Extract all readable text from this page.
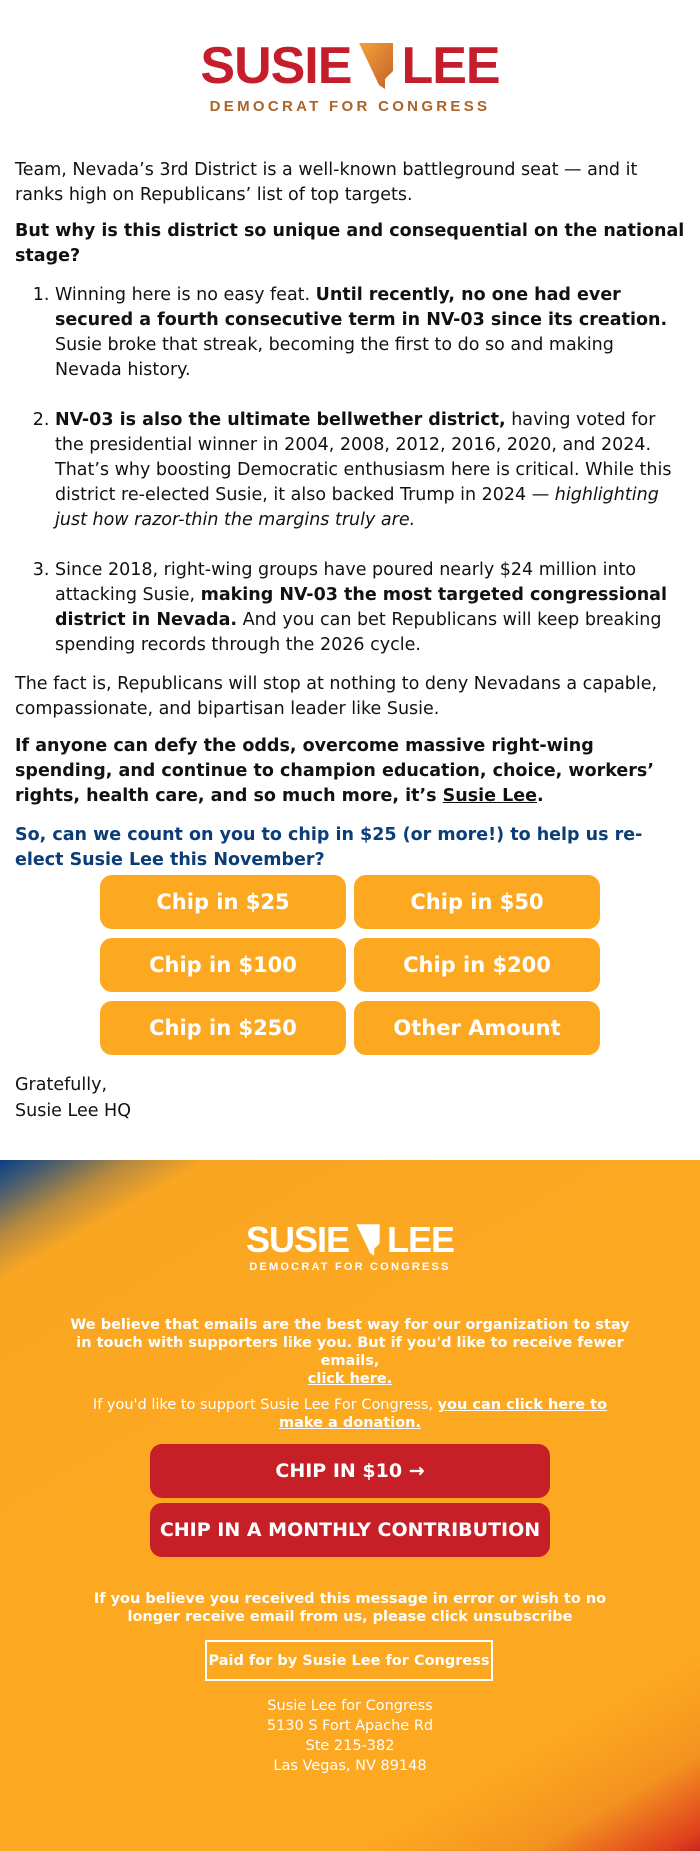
SUSIE LEE
DEMOCRAT FOR CONGRESS

Team, Nevada’s 3rd District is a well-known battleground seat — and it ranks high on Republicans’ list of top targets.

But why is this district so unique and consequential on the national stage?

1. Winning here is no easy feat. Until recently, no one had ever secured a fourth consecutive term in NV-03 since its creation. Susie broke that streak, becoming the first to do so and making Nevada history.
2. NV-03 is also the ultimate bellwether district, having voted for the presidential winner in 2004, 2008, 2012, 2016, 2020, and 2024. That’s why boosting Democratic enthusiasm here is critical. While this district re-elected Susie, it also backed Trump in 2024 — highlighting just how razor-thin the margins truly are.
3. Since 2018, right-wing groups have poured nearly $24 million into attacking Susie, making NV-03 the most targeted congressional district in Nevada. And you can bet Republicans will keep breaking spending records through the 2026 cycle.

The fact is, Republicans will stop at nothing to deny Nevadans a capable, compassionate, and bipartisan leader like Susie.

If anyone can defy the odds, overcome massive right-wing spending, and continue to champion education, choice, workers’ rights, health care, and so much more, it’s Susie Lee.

So, can we count on you to chip in $25 (or more!) to help us re-elect Susie Lee this November?

Chip in $25	Chip in $50
Chip in $100	Chip in $200
Chip in $250	Other Amount
Gratefully,
Susie Lee HQ
SUSIE LEE
DEMOCRAT FOR CONGRESS
We believe that emails are the best way for our organization to stay in touch with supporters like you. But if you'd like to receive fewer emails,
click here.
If you'd like to support Susie Lee For Congress, you can click here to make a donation.
CHIP IN $10 →
CHIP IN A MONTHLY CONTRIBUTION
If you believe you received this message in error or wish to no longer receive email from us, please click unsubscribe
Paid for by Susie Lee for Congress
Susie Lee for Congress
5130 S Fort Apache Rd
Ste 215-382
Las Vegas, NV 89148
